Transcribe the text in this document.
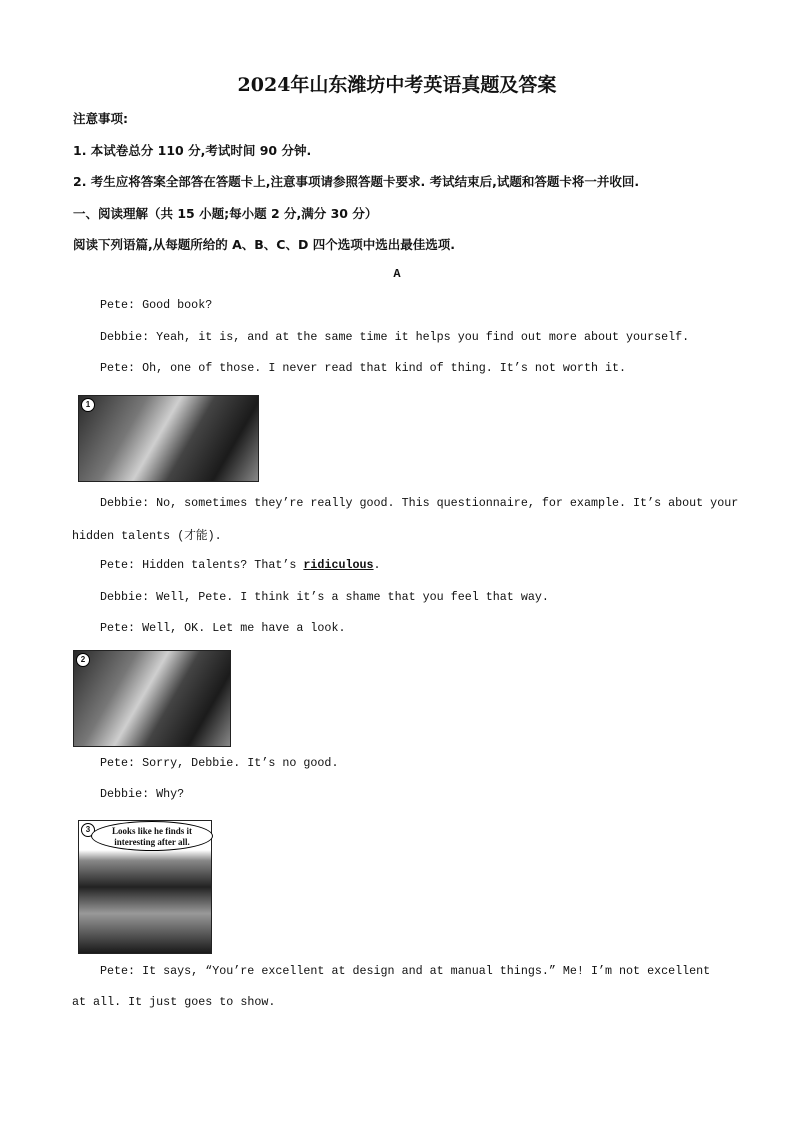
2024年山东潍坊中考英语真题及答案
注意事项:
1. 本试卷总分 110 分,考试时间 90 分钟.
2. 考生应将答案全部答在答题卡上,注意事项请参照答题卡要求. 考试结束后,试题和答题卡将一并收回.
一、阅读理解（共 15 小题;每小题 2 分,满分 30 分）
阅读下列语篇,从每题所给的 A、B、C、D 四个选项中选出最佳选项.
A
Pete: Good book?
Debbie: Yeah, it is, and at the same time it helps you find out more about yourself.
Pete: Oh, one of those. I never read that kind of thing. It’s not worth it.
1
Debbie: No, sometimes they’re really good. This questionnaire, for example. It’s about your
hidden talents (才能).
Pete: Hidden talents? That’s ridiculous.
Debbie: Well, Pete. I think it’s a shame that you feel that way.
Pete: Well, OK. Let me have a look.
2
Pete: Sorry, Debbie. It’s no good.
Debbie: Why?
3	Looks like he finds it interesting after all.
Pete: It says, “You’re excellent at design and at manual things.” Me! I’m not excellent
at all. It just goes to show.
